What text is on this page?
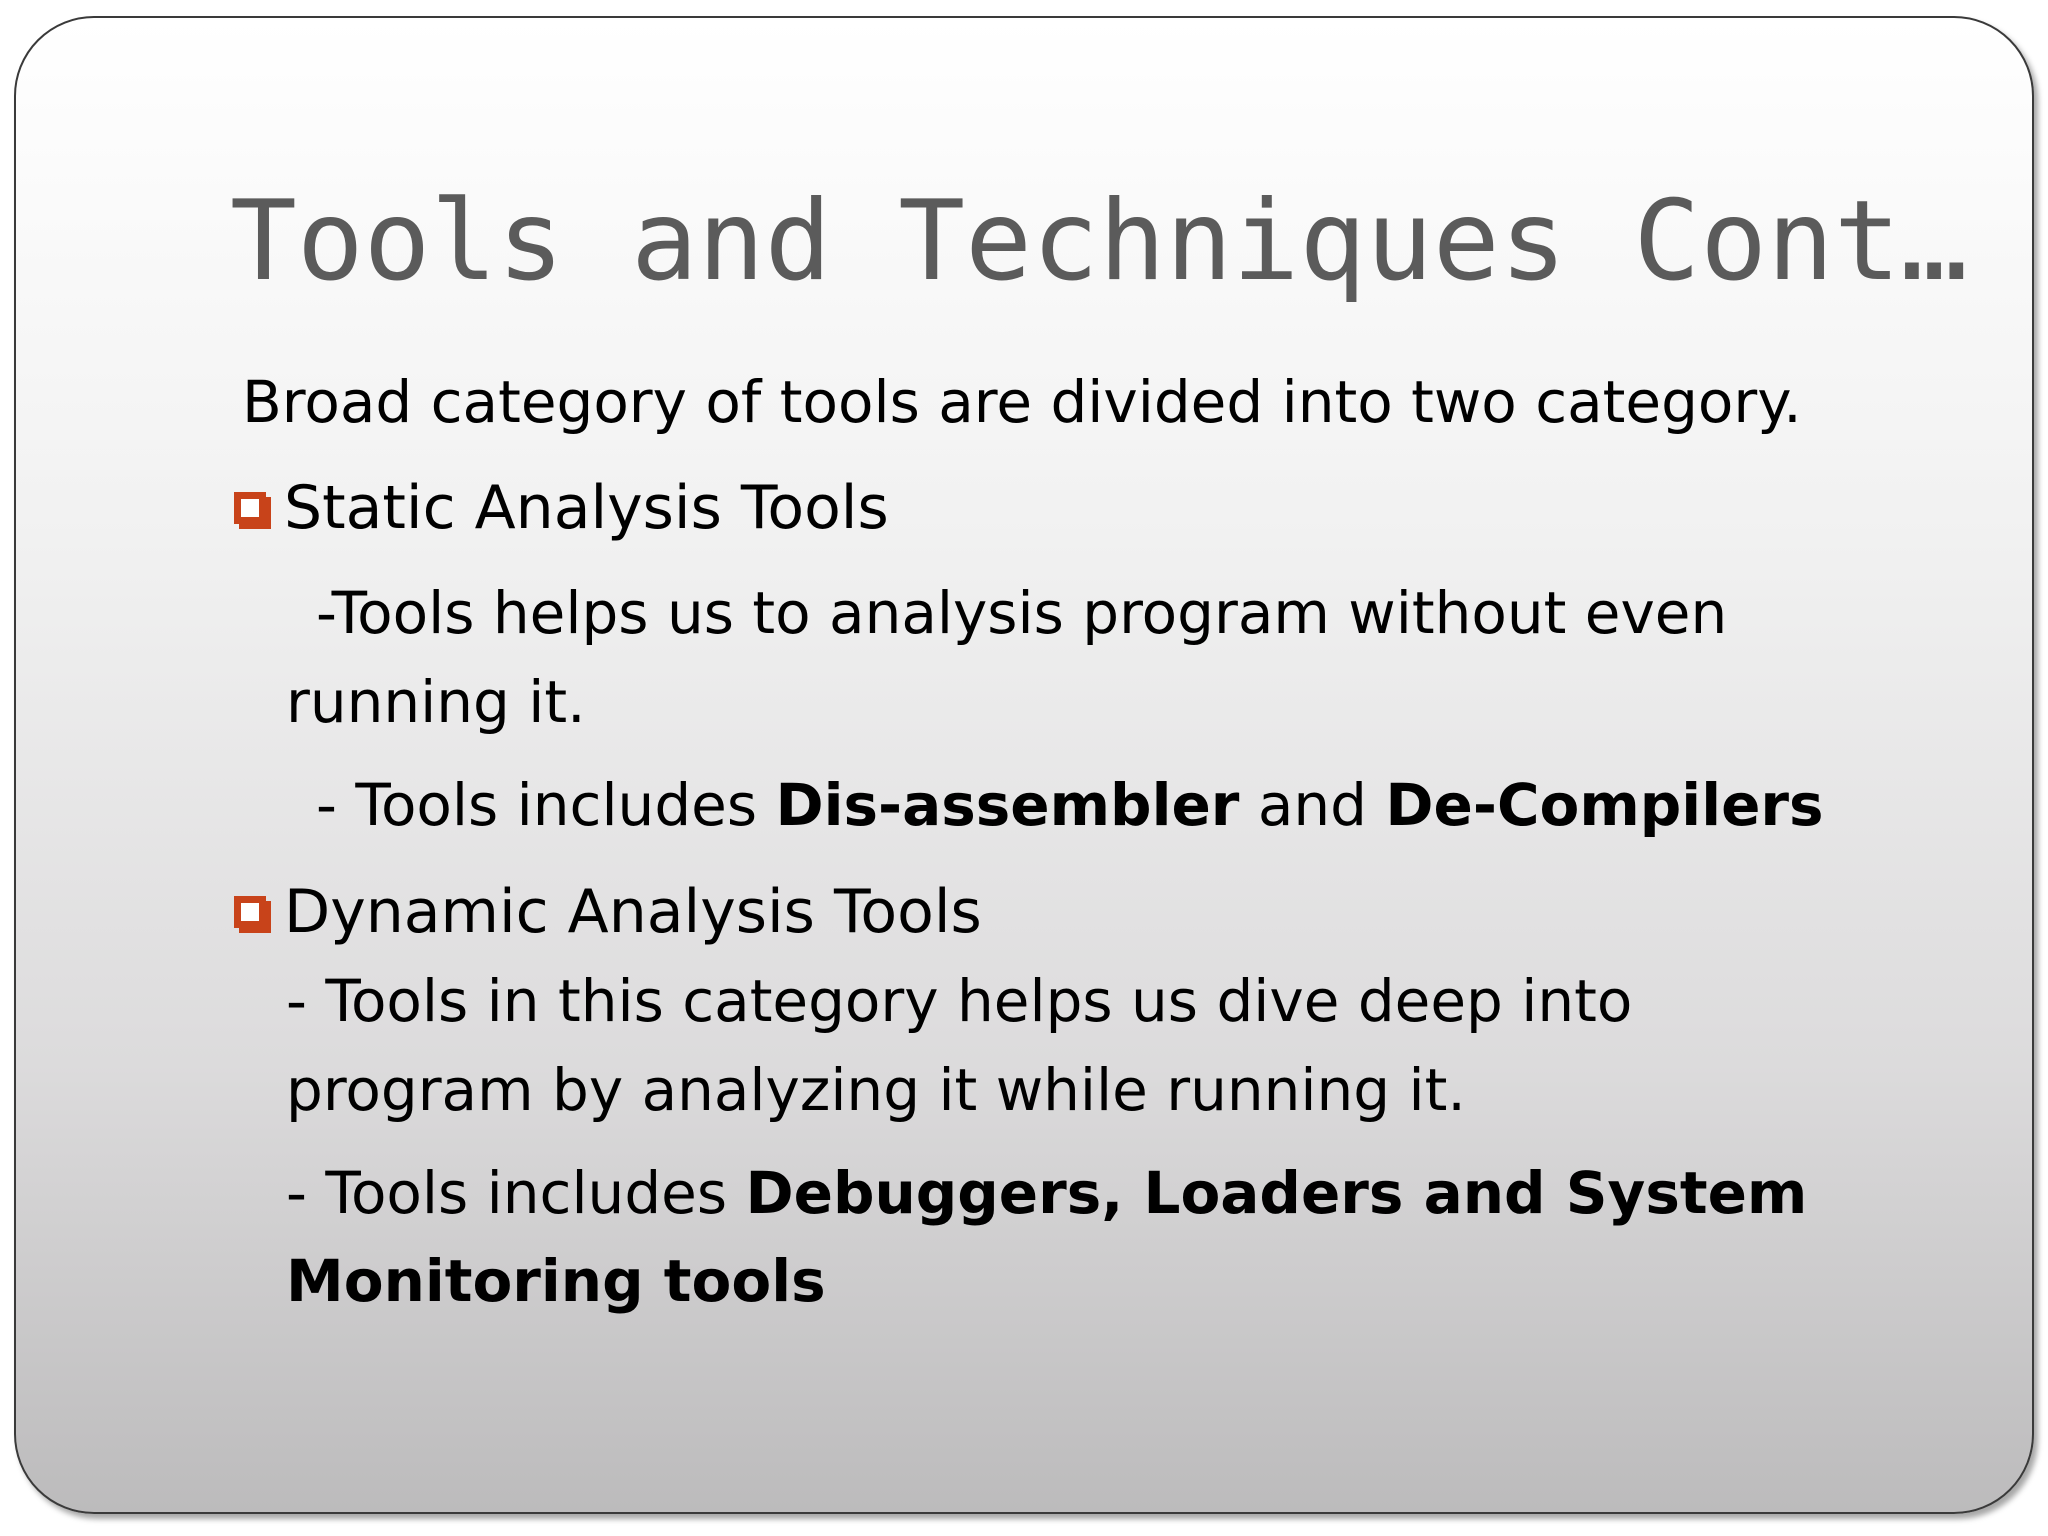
Tools and Techniques Cont…

Broad category of tools are divided into two category.

Static Analysis Tools

-Tools helps us to analysis program without even

running it.

- Tools includes Dis-assembler and De-Compilers

Dynamic Analysis Tools

- Tools in this category helps us dive deep into

program by analyzing it while running it.

- Tools includes Debuggers, Loaders and System

Monitoring tools
